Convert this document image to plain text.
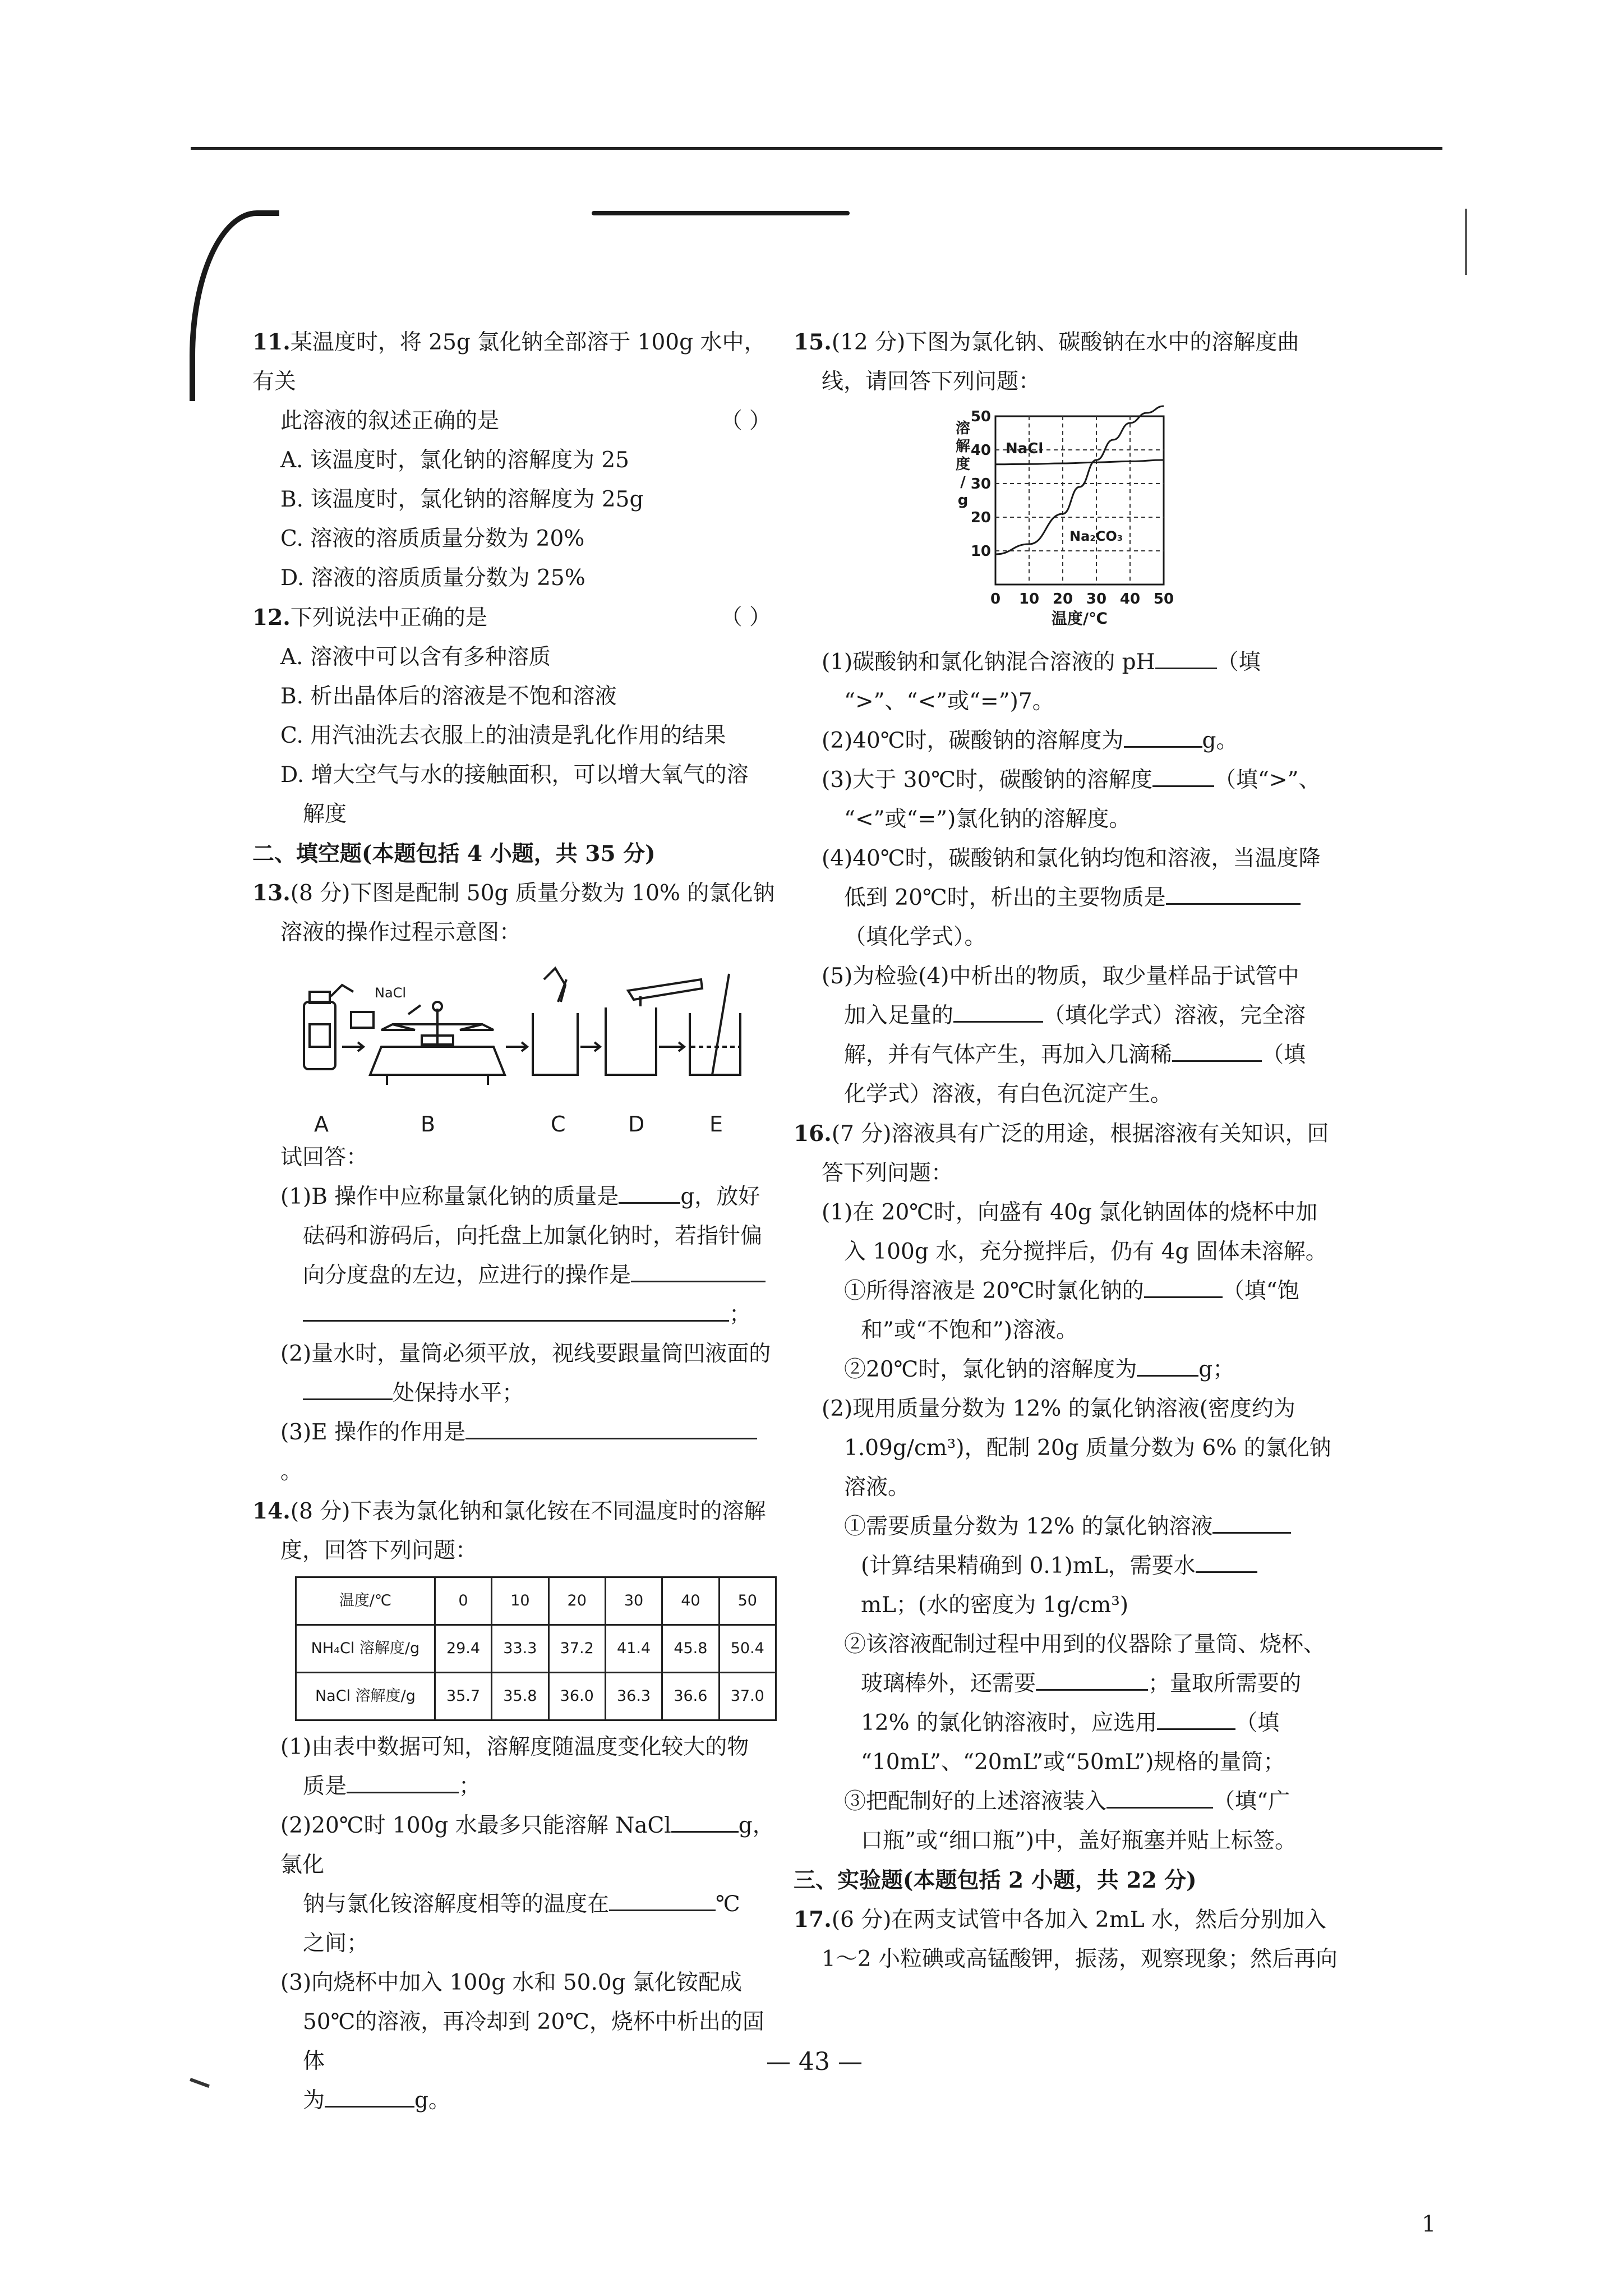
11.某温度时，将 25g 氯化钠全部溶于 100g 水中，有关
此溶液的叙述正确的是	（ ）
A. 该温度时，氯化钠的溶解度为 25
B. 该温度时，氯化钠的溶解度为 25g
C. 溶液的溶质质量分数为 20%
D. 溶液的溶质质量分数为 25%
12.下列说法中正确的是	（ ）
A. 溶液中可以含有多种溶质
B. 析出晶体后的溶液是不饱和溶液
C. 用汽油洗去衣服上的油渍是乳化作用的结果
D. 增大空气与水的接触面积，可以增大氧气的溶
解度
二、填空题(本题包括 4 小题，共 35 分)
13.(8 分)下图是配制 50g 质量分数为 10% 的氯化钠
溶液的操作过程示意图：
NaCl
A	B	C	D	E
试回答：
(1)B 操作中应称量氯化钠的质量是	g，放好
砝码和游码后，向托盘上加氯化钠时，若指针偏
向分度盘的左边，应进行的操作是
；
(2)量水时，量筒必须平放，视线要跟量筒凹液面的
处保持水平；
(3)E 操作的作用是。
14.(8 分)下表为氯化钠和氯化铵在不同温度时的溶解
度，回答下列问题：
温度/℃	0	10	20	30	40	50
NH₄Cl 溶解度/g	29.4	33.3	37.2	41.4	45.8	50.4
NaCl 溶解度/g	35.7	35.8	36.0	36.3	36.6	37.0
(1)由表中数据可知，溶解度随温度变化较大的物
质是	；
(2)20℃时 100g 水最多只能溶解 NaCl	g，氯化
钠与氯化铵溶解度相等的温度在	℃
之间；
(3)向烧杯中加入 100g 水和 50.0g 氯化铵配成
50℃的溶液，再冷却到 20℃，烧杯中析出的固体
为	g。
15.(12 分)下图为氯化钠、碳酸钠在水中的溶解度曲
线，请回答下列问题：
0 10 20 30 40 50
10
20
30
40
50
温度/℃
溶
解
度
/
g
NaCl
Na₂CO₃
(1)碳酸钠和氯化钠混合溶液的 pH	（填
“>”、“<”或“=”)7。
(2)40℃时，碳酸钠的溶解度为	g。
(3)大于 30℃时，碳酸钠的溶解度	（填“>”、
“<”或“=”)氯化钠的溶解度。
(4)40℃时，碳酸钠和氯化钠均饱和溶液，当温度降
低到 20℃时，析出的主要物质是
（填化学式）。
(5)为检验(4)中析出的物质，取少量样品于试管中
加入足量的	（填化学式）溶液，完全溶
解，并有气体产生，再加入几滴稀	（填
化学式）溶液，有白色沉淀产生。
16.(7 分)溶液具有广泛的用途，根据溶液有关知识，回
答下列问题：
(1)在 20℃时，向盛有 40g 氯化钠固体的烧杯中加
入 100g 水，充分搅拌后，仍有 4g 固体未溶解。
①所得溶液是 20℃时氯化钠的	（填“饱
和”或“不饱和”)溶液。
②20℃时，氯化钠的溶解度为	g；
(2)现用质量分数为 12% 的氯化钠溶液(密度约为
1.09g/cm³)，配制 20g 质量分数为 6% 的氯化钠溶液。
①需要质量分数为 12% 的氯化钠溶液
(计算结果精确到 0.1)mL，需要水
mL；(水的密度为 1g/cm³)
②该溶液配制过程中用到的仪器除了量筒、烧杯、
玻璃棒外，还需要	；量取所需要的
12% 的氯化钠溶液时，应选用	（填
“10mL”、“20mL”或“50mL”)规格的量筒；
③把配制好的上述溶液装入	（填“广
口瓶”或“细口瓶”)中，盖好瓶塞并贴上标签。
三、实验题(本题包括 2 小题，共 22 分)
17.(6 分)在两支试管中各加入 2mL 水，然后分别加入
1～2 小粒碘或高锰酸钾，振荡，观察现象；然后再向
— 43 —
1
